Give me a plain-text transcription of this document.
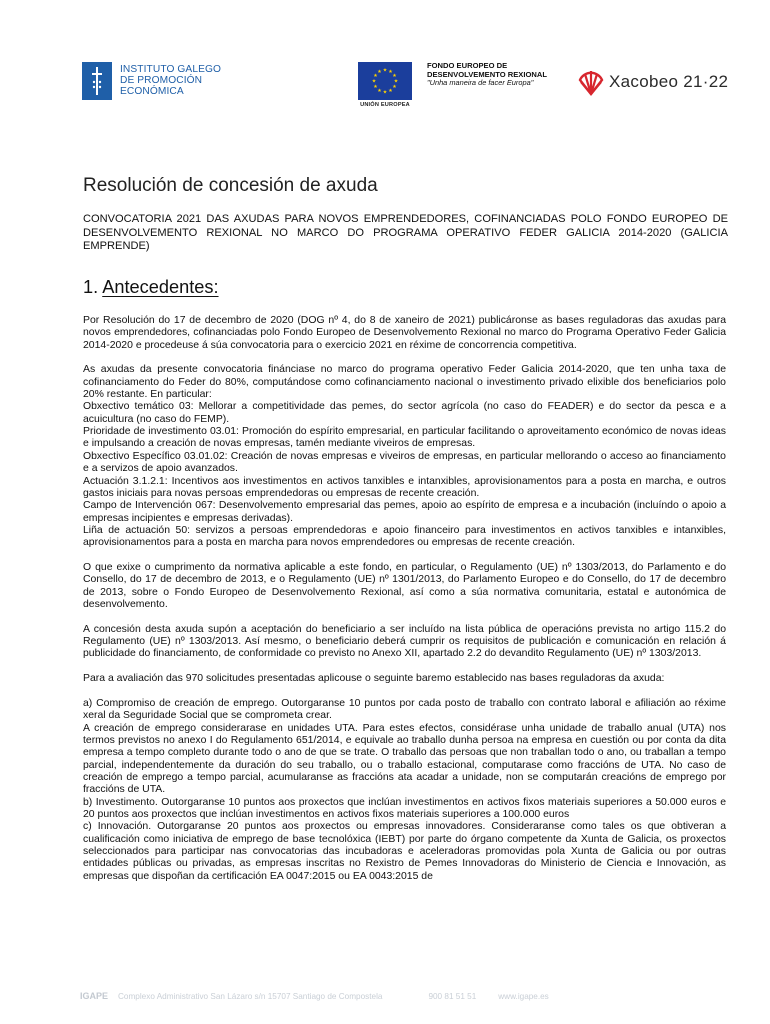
INSTITUTO GALEGO
DE PROMOCIÓN
ECONÓMICA
★ ★
★
★
★
★
★
★
★
★
★
★
UNIÓN EUROPEA
FONDO EUROPEO DE
DESENVOLVEMENTO REXIONAL
"Unha maneira de facer Europa"	Xacobeo 21·22
Resolución de concesión de axuda
CONVOCATORIA 2021 DAS AXUDAS PARA NOVOS EMPRENDEDORES, COFINANCIADAS POLO FONDO EUROPEO DE DESENVOLVEMENTO REXIONAL NO MARCO DO PROGRAMA OPERATIVO FEDER GALICIA 2014-2020 (GALICIA EMPRENDE)
1. Antecedentes:

Por Resolución do 17 de decembro de 2020 (DOG nº 4, do 8 de xaneiro de 2021) publicáronse as bases reguladoras das axudas para novos emprendedores, cofinanciadas polo Fondo Europeo de Desenvolvemento Rexional no marco do Programa Operativo Feder Galicia 2014-2020 e procedeuse á súa convocatoria para o exercicio 2021 en réxime de concorrencia competitiva.

As axudas da presente convocatoria finánciase no marco do programa operativo Feder Galicia 2014-2020, que ten unha taxa de cofinanciamento do Feder do 80%, computándose como cofinanciamento nacional o investimento privado elixible dos beneficiarios polo 20% restante. En particular:
Obxectivo temático 03: Mellorar a competitividade das pemes, do sector agrícola (no caso do FEADER) e do sector da pesca e a acuicultura (no caso do FEMP).
Prioridade de investimento 03.01: Promoción do espírito empresarial, en particular facilitando o aproveitamento económico de novas ideas e impulsando a creación de novas empresas, tamén mediante viveiros de empresas.
Obxectivo Específico 03.01.02: Creación de novas empresas e viveiros de empresas, en particular mellorando o acceso ao financiamento e a servizos de apoio avanzados.
Actuación 3.1.2.1: Incentivos aos investimentos en activos tanxibles e intanxibles, aprovisionamentos para a posta en marcha, e outros gastos iniciais para novas persoas emprendedoras ou empresas de recente creación.
Campo de Intervención 067: Desenvolvemento empresarial das pemes, apoio ao espírito de empresa e a incubación (incluíndo o apoio a empresas incipientes e empresas derivadas).
Liña de actuación 50: servizos a persoas emprendedoras e apoio financeiro para investimentos en activos tanxibles e intanxibles, aprovisionamentos para a posta en marcha para novos emprendedores ou empresas de recente creación.

O que exixe o cumprimento da normativa aplicable a este fondo, en particular, o Regulamento (UE) nº 1303/2013, do Parlamento e do Consello, do 17 de decembro de 2013, e o Regulamento (UE) nº 1301/2013, do Parlamento Europeo e do Consello, do 17 de decembro de 2013, sobre o Fondo Europeo de Desenvolvemento Rexional, así como a súa normativa comunitaria, estatal e autonómica de desenvolvemento.

A concesión desta axuda supón a aceptación do beneficiario a ser incluído na lista pública de operacións prevista no artigo 115.2 do Regulamento (UE) nº 1303/2013. Así mesmo, o beneficiario deberá cumprir os requisitos de publicación e comunicación en relación á publicidade do financiamento, de conformidade co previsto no Anexo XII, apartado 2.2 do devandito Regulamento (UE) nº 1303/2013.

Para a avaliación das 970 solicitudes presentadas aplicouse o seguinte baremo establecido nas bases reguladoras da axuda:

a) Compromiso de creación de emprego. Outorgaranse 10 puntos por cada posto de traballo con contrato laboral e afiliación ao réxime xeral da Seguridade Social que se comprometa crear.
A creación de emprego considerarase en unidades UTA. Para estes efectos, considérase unha unidade de traballo anual (UTA) nos termos previstos no anexo I do Regulamento 651/2014, e equivale ao traballo dunha persoa na empresa en cuestión ou por conta da dita empresa a tempo completo durante todo o ano de que se trate. O traballo das persoas que non traballan todo o ano, ou traballan a tempo parcial, independentemente da duración do seu traballo, ou o traballo estacional, computarase como fraccións de UTA. No caso de creación de emprego a tempo parcial, acumularanse as fraccións ata acadar a unidade, non se computarán creacións de emprego por fraccións de UTA.
b) Investimento. Outorgaranse 10 puntos aos proxectos que inclúan investimentos en activos fixos materiais superiores a 50.000 euros e 20 puntos aos proxectos que inclúan investimentos en activos fixos materiais superiores a 100.000 euros
c) Innovación. Outorgaranse 20 puntos aos proxectos ou empresas innovadores. Consideraranse como tales os que obtiveran a cualificación como iniciativa de emprego de base tecnolóxica (IEBT) por parte do órgano competente da Xunta de Galicia, os proxectos seleccionados para participar nas convocatorias das incubadoras e aceleradoras promovidas pola Xunta de Galicia ou por outras entidades públicas ou privadas, as empresas inscritas no Rexistro de Pemes Innovadoras do Ministerio de Ciencia e Innovación, as empresas que dispoñan da certificación EA 0047:2015 ou EA 0043:2015 de
IGAPE Complexo Administrativo San Lázaro s/n 15707 Santiago de Compostela	900 81 51 51	www.igape.es
